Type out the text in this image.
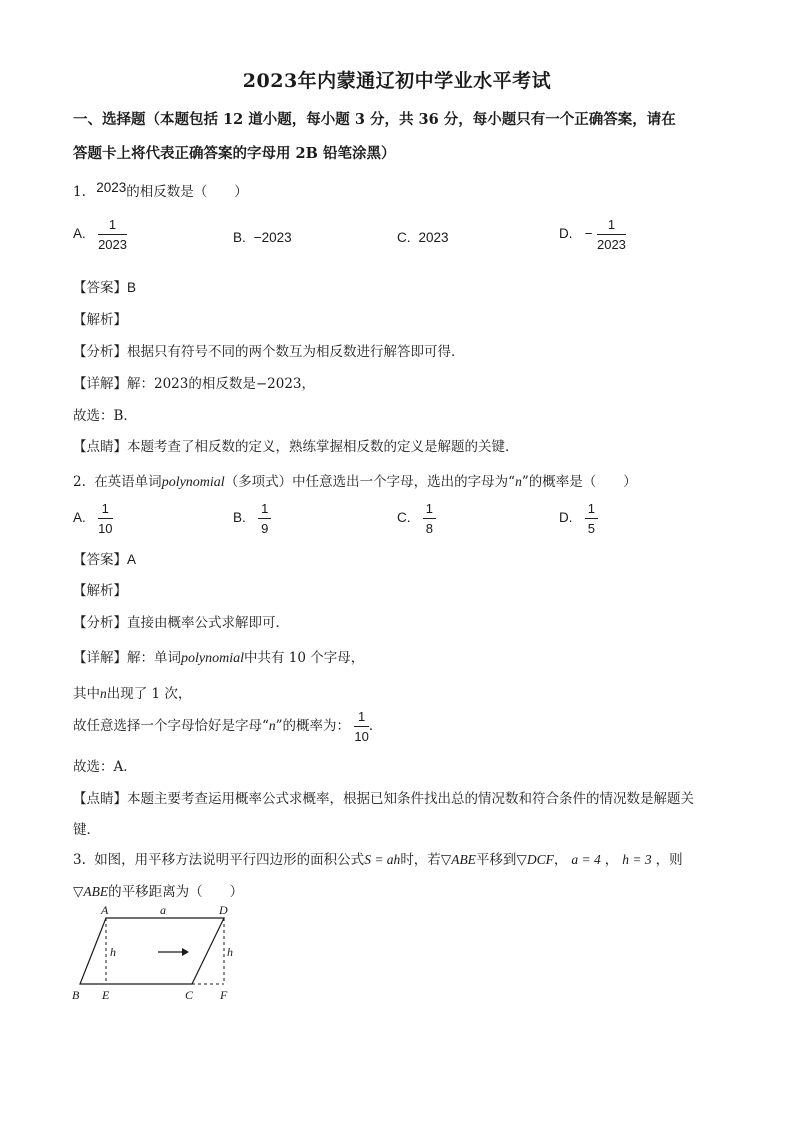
2023年内蒙通辽初中学业水平考试
一、选择题（本题包括 12 道小题，每小题 3 分，共 36 分，每小题只有一个正确答案，请在
答题卡上将代表正确答案的字母用 2B 铅笔涂黑）
1. 2023的相反数是（　　）
A. $\frac{1}{2023}$	B. −2023	C. 2023	D. − $\frac{1}{2023}$
【答案】B
【解析】
【分析】根据只有符号不同的两个数互为相反数进行解答即可得．
【详解】解：2023的相反数是−2023，
故选：B．
【点睛】本题考查了相反数的定义，熟练掌握相反数的定义是解题的关键．
2. 在英语单词polynomial（多项式）中任意选出一个字母，选出的字母为“n”的概率是（　　）
A. $\frac{1}{10}$	B. $\frac{1}{9}$	C. $\frac{1}{8}$	D. $\frac{1}{5}$
【答案】A
【解析】
【分析】直接由概率公式求解即可．
【详解】解：单词polynomial中共有 10 个字母，
其中n出现了 1 次，
故任意选择一个字母恰好是字母“n”的概率为： $\frac{1}{10}$ ．
故选：A．
【点睛】本题主要考查运用概率公式求概率，根据已知条件找出总的情况数和符合条件的情况数是解题关
键．
3. 如图，用平移方法说明平行四边形的面积公式S = ah时，若▽ABE平移到▽DCF， a = 4 ， h = 3 ，则
▽ABE的平移距离为（　　）
A	a	D
h	h
B E	C F
